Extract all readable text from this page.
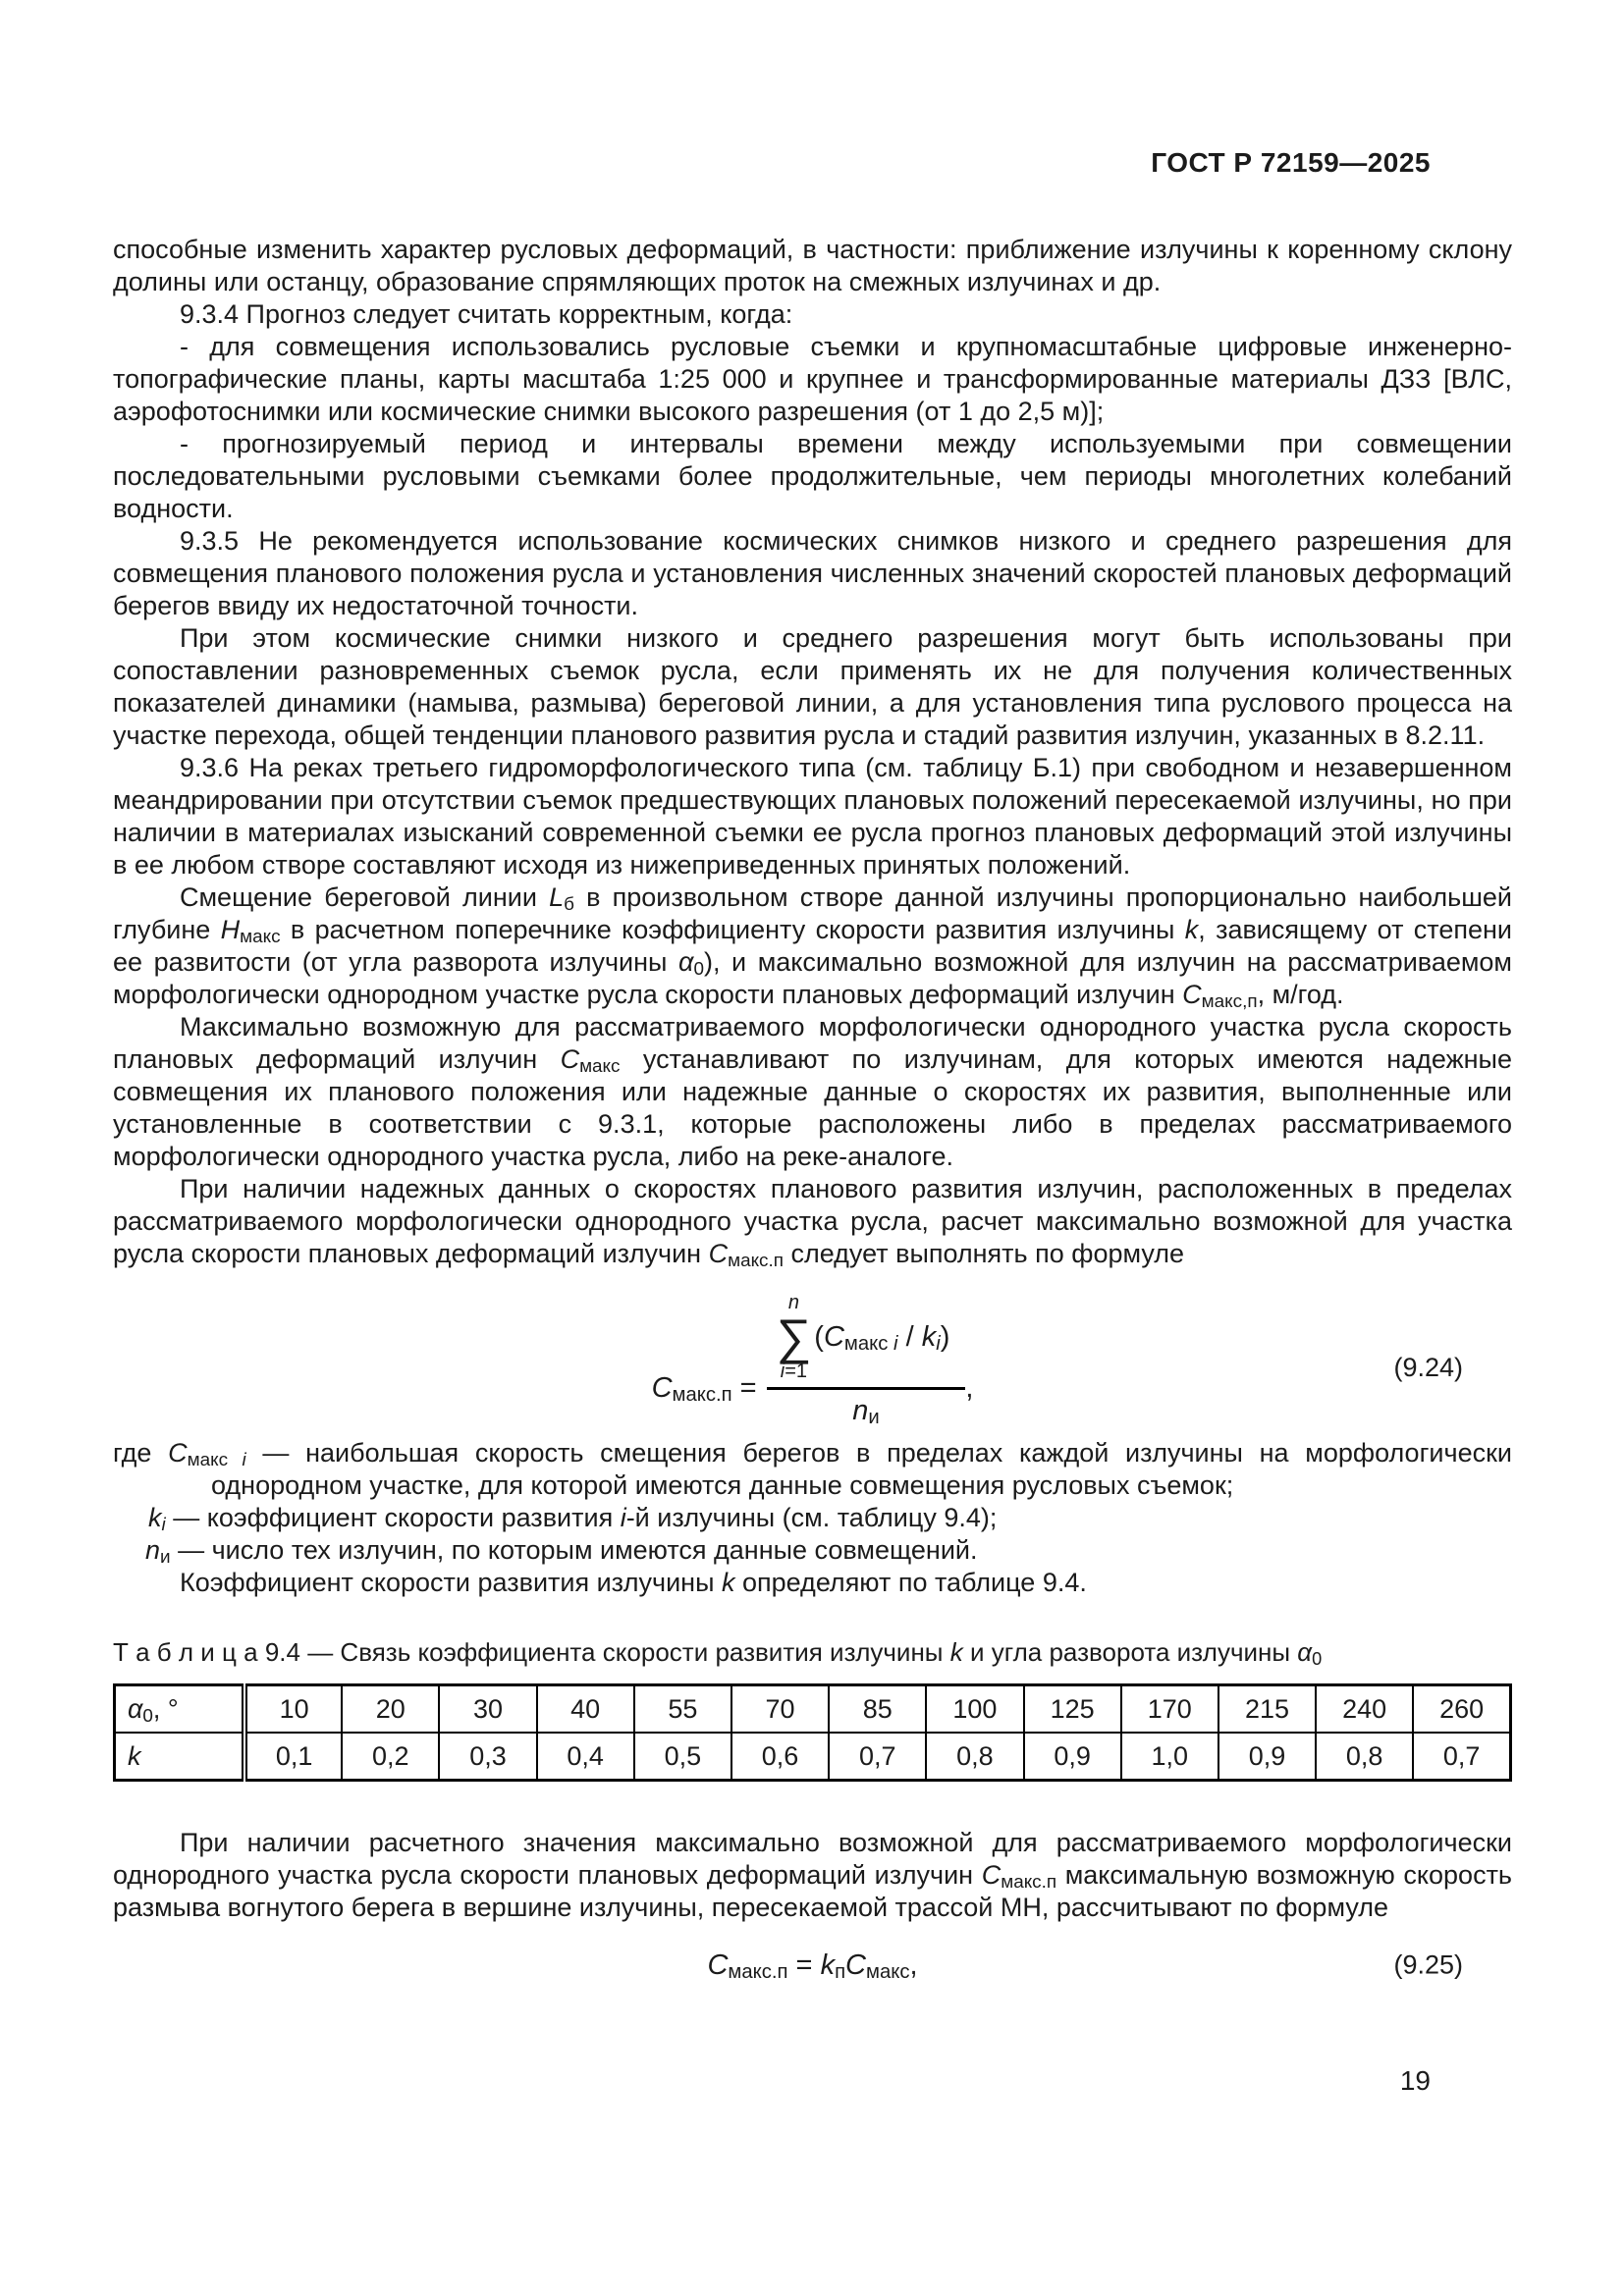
ГОСТ Р 72159—2025

способные изменить характер русловых деформаций, в частности: приближение излучины к коренному склону долины или останцу, образование спрямляющих проток на смежных излучинах и др.

9.3.4 Прогноз следует считать корректным, когда:

- для совмещения использовались русловые съемки и крупномасштабные цифровые инженерно-топографические планы, карты масштаба 1:25 000 и крупнее и трансформированные материалы ДЗЗ [ВЛС, аэрофотоснимки или космические снимки высокого разрешения (от 1 до 2,5 м)];

- прогнозируемый период и интервалы времени между используемыми при совмещении последовательными русловыми съемками более продолжительные, чем периоды многолетних колебаний водности.

9.3.5 Не рекомендуется использование космических снимков низкого и среднего разрешения для совмещения планового положения русла и установления численных значений скоростей плановых деформаций берегов ввиду их недостаточной точности.

При этом космические снимки низкого и среднего разрешения могут быть использованы при сопоставлении разновременных съемок русла, если применять их не для получения количественных показателей динамики (намыва, размыва) береговой линии, а для установления типа руслового процесса на участке перехода, общей тенденции планового развития русла и стадий развития излучин, указанных в 8.2.11.

9.3.6 На реках третьего гидроморфологического типа (см. таблицу Б.1) при свободном и незавершенном меандрировании при отсутствии съемок предшествующих плановых положений пересекаемой излучины, но при наличии в материалах изысканий современной съемки ее русла прогноз плановых деформаций этой излучины в ее любом створе составляют исходя из нижеприведенных принятых положений.

Смещение береговой линии $L_б$ в произвольном створе данной излучины пропорционально наибольшей глубине $H_{макс}$ в расчетном поперечнике коэффициенту скорости развития излучины k, зависящему от степени ее развитости (от угла разворота излучины $\alpha_0$), и максимально возможной для излучин на рассматриваемом морфологически однородном участке русла скорости плановых деформаций излучин $С_{макс,п}$, м/год.

Максимально возможную для рассматриваемого морфологически однородного участка русла скорость плановых деформаций излучин $С_{макс}$ устанавливают по излучинам, для которых имеются надежные совмещения их планового положения или надежные данные о скоростях их развития, выполненные или установленные в соответствии с 9.3.1, которые расположены либо в пределах рассматриваемого морфологически однородного участка русла, либо на реке-аналоге.

При наличии надежных данных о скоростях планового развития излучин, расположенных в пределах рассматриваемого морфологически однородного участка русла, расчет максимально возможной для участка русла скорости плановых деформаций излучин $С_{макс.п}$ следует выполнять по формуле

$С_{макс.п}$ =
n
∑
i=1
($С_{макс}$ $_i / k_i$)
$n_и$
,
(9.24)
где $С_{макс}$ $_i$ — наибольшая скорость смещения берегов в пределах каждой излучины на морфологически однородном участке, для которой имеются данные совмещения русловых съемок;
$k_i$ — коэффициент скорости развития i-й излучины (см. таблицу 9.4);
$n_и$ — число тех излучин, по которым имеются данные совмещений.

Коэффициент скорости развития излучины k определяют по таблице 9.4.

Т а б л и ц а 9.4 — Связь коэффициента скорости развития излучины k и угла разворота излучины $\alpha_0$
$\alpha_0$, °	10	20	30	40	55	70	85	100	125	170	215	240	260
k	0,1	0,2	0,3	0,4	0,5	0,6	0,7	0,8	0,9	1,0	0,9	0,8	0,7

При наличии расчетного значения максимально возможной для рассматриваемого морфологически однородного участка русла скорости плановых деформаций излучин $С_{макс.п}$ максимальную возможную скорость размыва вогнутого берега в вершине излучины, пересекаемой трассой МН, рассчитывают по формуле

$С_{макс.п} = k_пС_{макс}$,	(9.25)
19
